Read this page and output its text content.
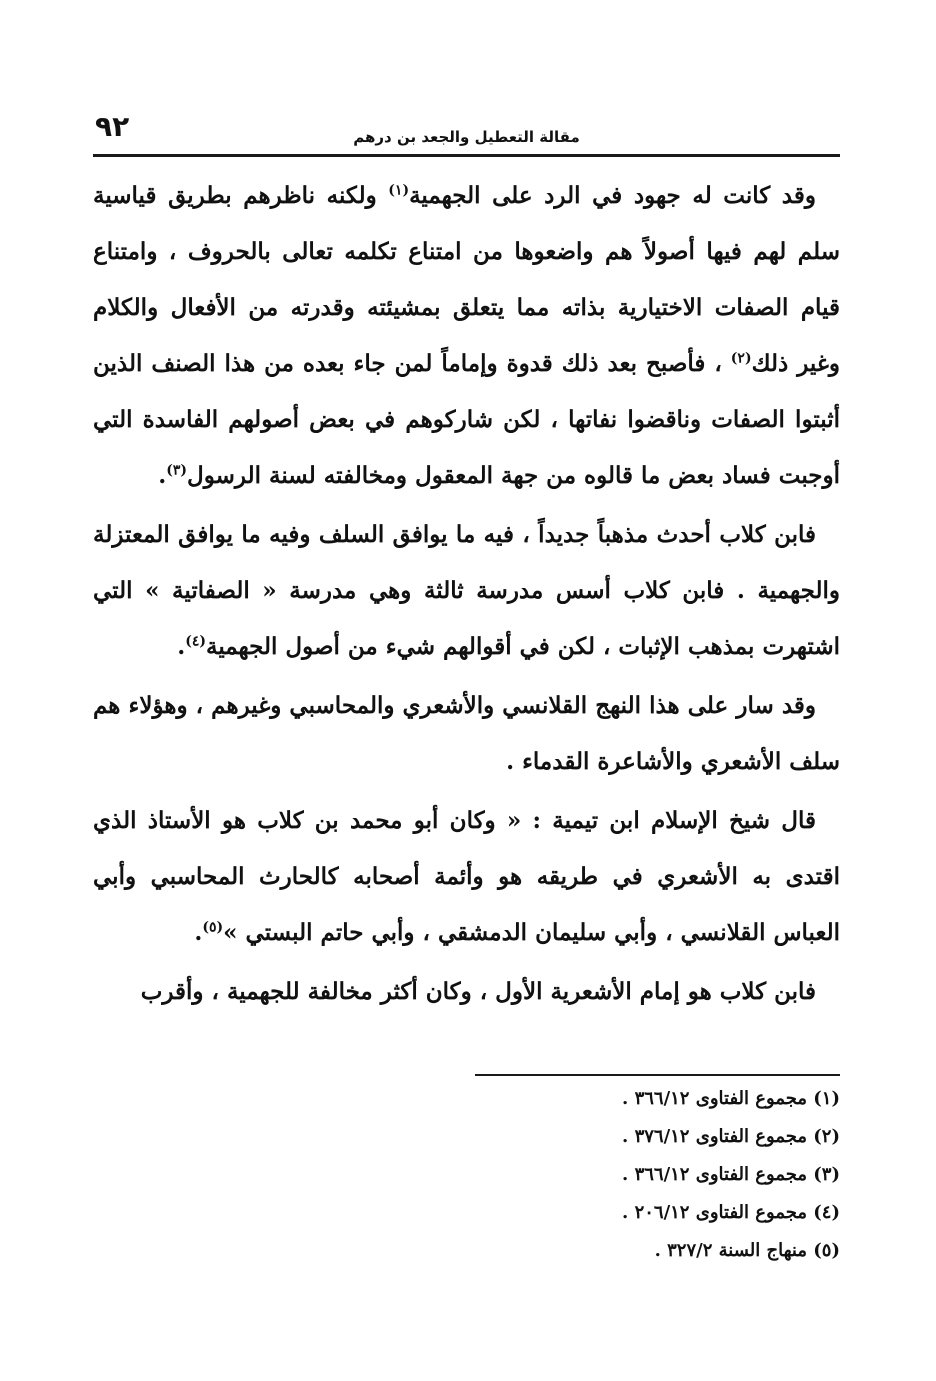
٩٢	مقالة التعطيل والجعد بن درهم

وقد كانت له جهود في الرد على الجهمية$^{(١)}$ ولكنه ناظرهم بطريق قياسية سلم لهم فيها أصولاً هم واضعوها من امتناع تكلمه تعالى بالحروف ، وامتناع قيام الصفات الاختيارية بذاته مما يتعلق بمشيئته وقدرته من الأفعال والكلام وغير ذلك$^{(٢)}$ ، فأصبح بعد ذلك قدوة وإماماً لمن جاء بعده من هذا الصنف الذين أثبتوا الصفات وناقضوا نفاتها ، لكن شاركوهم في بعض أصولهم الفاسدة التي أوجبت فساد بعض ما قالوه من جهة المعقول ومخالفته لسنة الرسول$^{(٣)}$.

فابن كلاب أحدث مذهباً جديداً ، فيه ما يوافق السلف وفيه ما يوافق المعتزلة والجهمية . فابن كلاب أسس مدرسة ثالثة وهي مدرسة « الصفاتية » التي اشتهرت بمذهب الإثبات ، لكن في أقوالهم شيء من أصول الجهمية$^{(٤)}$.

وقد سار على هذا النهج القلانسي والأشعري والمحاسبي وغيرهم ، وهؤلاء هم سلف الأشعري والأشاعرة القدماء .

قال شيخ الإسلام ابن تيمية : « وكان أبو محمد بن كلاب هو الأستاذ الذي اقتدى به الأشعري في طريقه هو وأئمة أصحابه كالحارث المحاسبي وأبي العباس القلانسي ، وأبي سليمان الدمشقي ، وأبي حاتم البستي »$^{(٥)}$.

فابن كلاب هو إمام الأشعرية الأول ، وكان أكثر مخالفة للجهمية ، وأقرب

(١) مجموع الفتاوى ٣٦٦/١٢ .
(٢) مجموع الفتاوى ٣٧٦/١٢ .
(٣) مجموع الفتاوى ٣٦٦/١٢ .
(٤) مجموع الفتاوى ٢٠٦/١٢ .
(٥) منهاج السنة ٣٢٧/٢ .
